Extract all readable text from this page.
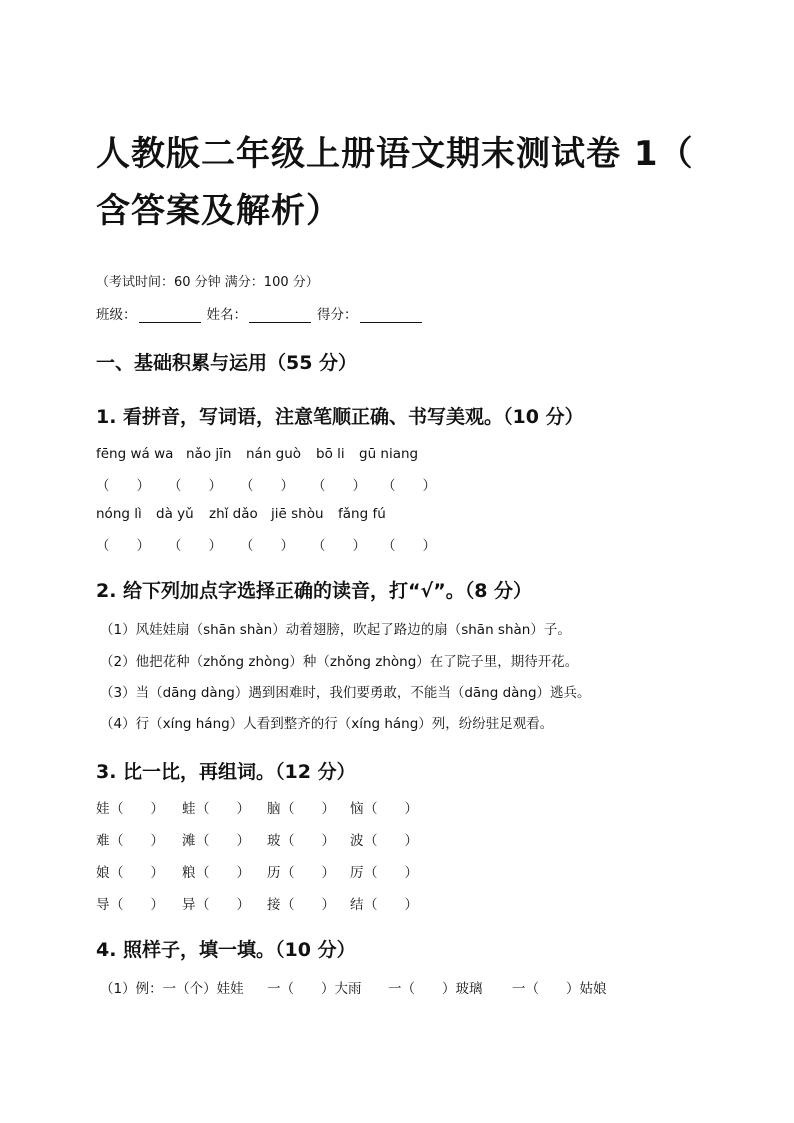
人教版二年级上册语文期末测试卷 1（
含答案及解析）
（考试时间：60 分钟 满分：100 分）
班级：	姓名：	得分：
一、基础积累与运用（55 分）
1. 看拼音，写词语，注意笔顺正确、书写美观。（10 分）
fēng wá wa nǎo jīn nán guò bō li gū niang
（　　） （　　） （　　） （　　） （　　）
nóng lì dà yǔ zhǐ dǎo jiē shòu fǎng fú
（　　） （　　） （　　） （　　） （　　）
2. 给下列加点字选择正确的读音，打“√”。（8 分）
（1）风娃娃扇（shān shàn）动着翅膀，吹起了路边的扇（shān shàn）子。
（2）他把花种（zhǒng zhòng）种（zhǒng zhòng）在了院子里，期待开花。
（3）当（dāng dàng）遇到困难时，我们要勇敢，不能当（dāng dàng）逃兵。
（4）行（xíng háng）人看到整齐的行（xíng háng）列，纷纷驻足观看。
3. 比一比，再组词。（12 分）
娃 （　　） 蛙 （　　） 脑 （　　） 恼 （　　）
难 （　　） 滩 （　　） 玻 （　　） 波 （　　）
娘 （　　） 粮 （　　） 历 （　　） 厉 （　　）
导 （　　） 异 （　　） 接 （　　） 结 （　　）
4. 照样子，填一填。（10 分）
（1）例：一（个）娃娃 一（　　）大雨 一（　　）玻璃 一（　　）姑娘
